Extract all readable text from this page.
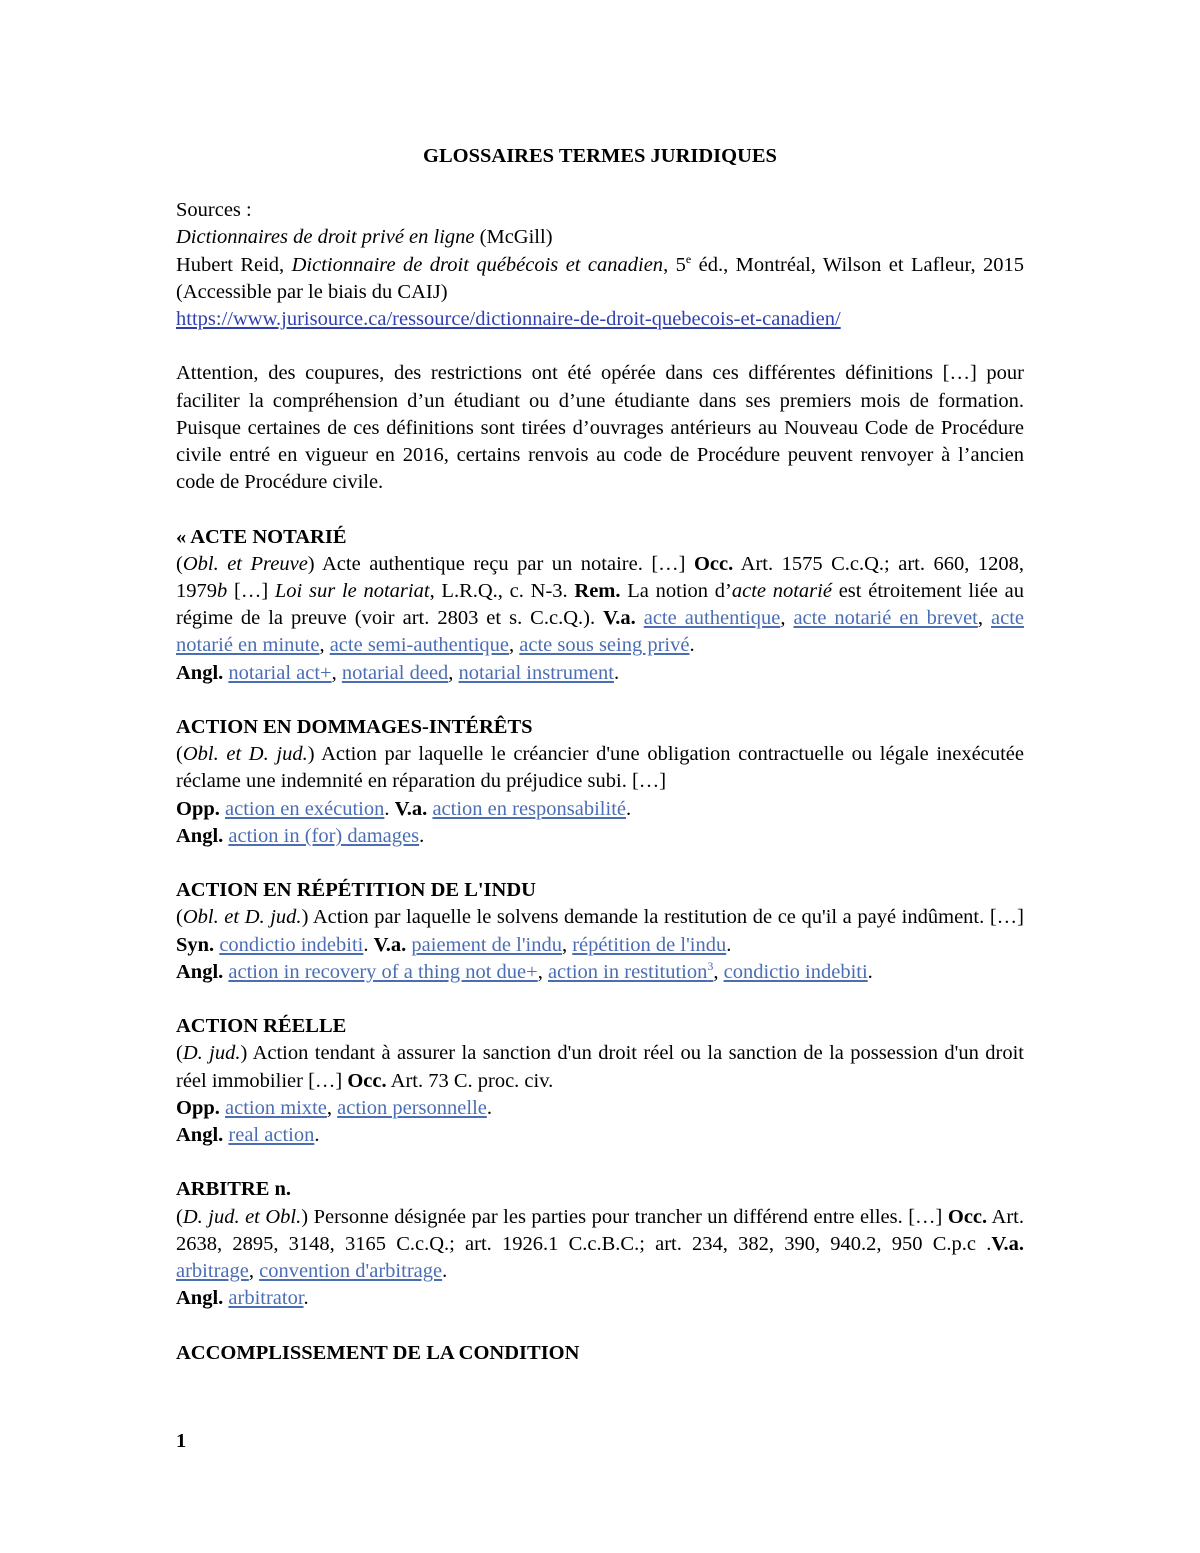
GLOSSAIRES TERMES JURIDIQUES

Sources :

Dictionnaires de droit privé en ligne (McGill)

Hubert Reid, Dictionnaire de droit québécois et canadien, 5e éd., Montréal, Wilson et Lafleur, 2015 (Accessible par le biais du CAIJ)

https://www.jurisource.ca/ressource/dictionnaire-de-droit-quebecois-et-canadien/

Attention, des coupures, des restrictions ont été opérée dans ces différentes définitions […] pour faciliter la compréhension d’un étudiant ou d’une étudiante dans ses premiers mois de formation. Puisque certaines de ces définitions sont tirées d’ouvrages antérieurs au Nouveau Code de Procédure civile entré en vigueur en 2016, certains renvois au code de Procédure peuvent renvoyer à l’ancien code de Procédure civile.

« ACTE NOTARIÉ

(Obl. et Preuve) Acte authentique reçu par un notaire. […] Occ. Art. 1575 C.c.Q.; art. 660, 1208, 1979b […] Loi sur le notariat, L.R.Q., c. N-3. Rem. La notion d’acte notarié est étroitement liée au régime de la preuve (voir art. 2803 et s. C.c.Q.). V.a. acte authentique, acte notarié en brevet, acte notarié en minute, acte semi-authentique, acte sous seing privé.

Angl. notarial act+, notarial deed, notarial instrument.

ACTION EN DOMMAGES-INTÉRÊTS

(Obl. et D. jud.) Action par laquelle le créancier d'une obligation contractuelle ou légale inexécutée réclame une indemnité en réparation du préjudice subi. […]

Opp. action en exécution. V.a. action en responsabilité.

Angl. action in (for) damages.

ACTION EN RÉPÉTITION DE L'INDU

(Obl. et D. jud.) Action par laquelle le solvens demande la restitution de ce qu'il a payé indûment. […] Syn. condictio indebiti. V.a. paiement de l'indu, répétition de l'indu.

Angl. action in recovery of a thing not due+, action in restitution$^3$, condictio indebiti.

ACTION RÉELLE

(D. jud.) Action tendant à assurer la sanction d'un droit réel ou la sanction de la possession d'un droit réel immobilier […] Occ. Art. 73 C. proc. civ.

Opp. action mixte, action personnelle.

Angl. real action.

ARBITRE n.

(D. jud. et Obl.) Personne désignée par les parties pour trancher un différend entre elles. […] Occ. Art. 2638, 2895, 3148, 3165 C.c.Q.; art. 1926.1 C.c.B.C.; art. 234, 382, 390, 940.2, 950 C.p.c .V.a. arbitrage, convention d'arbitrage.

Angl. arbitrator.

ACCOMPLISSEMENT DE LA CONDITION

1
